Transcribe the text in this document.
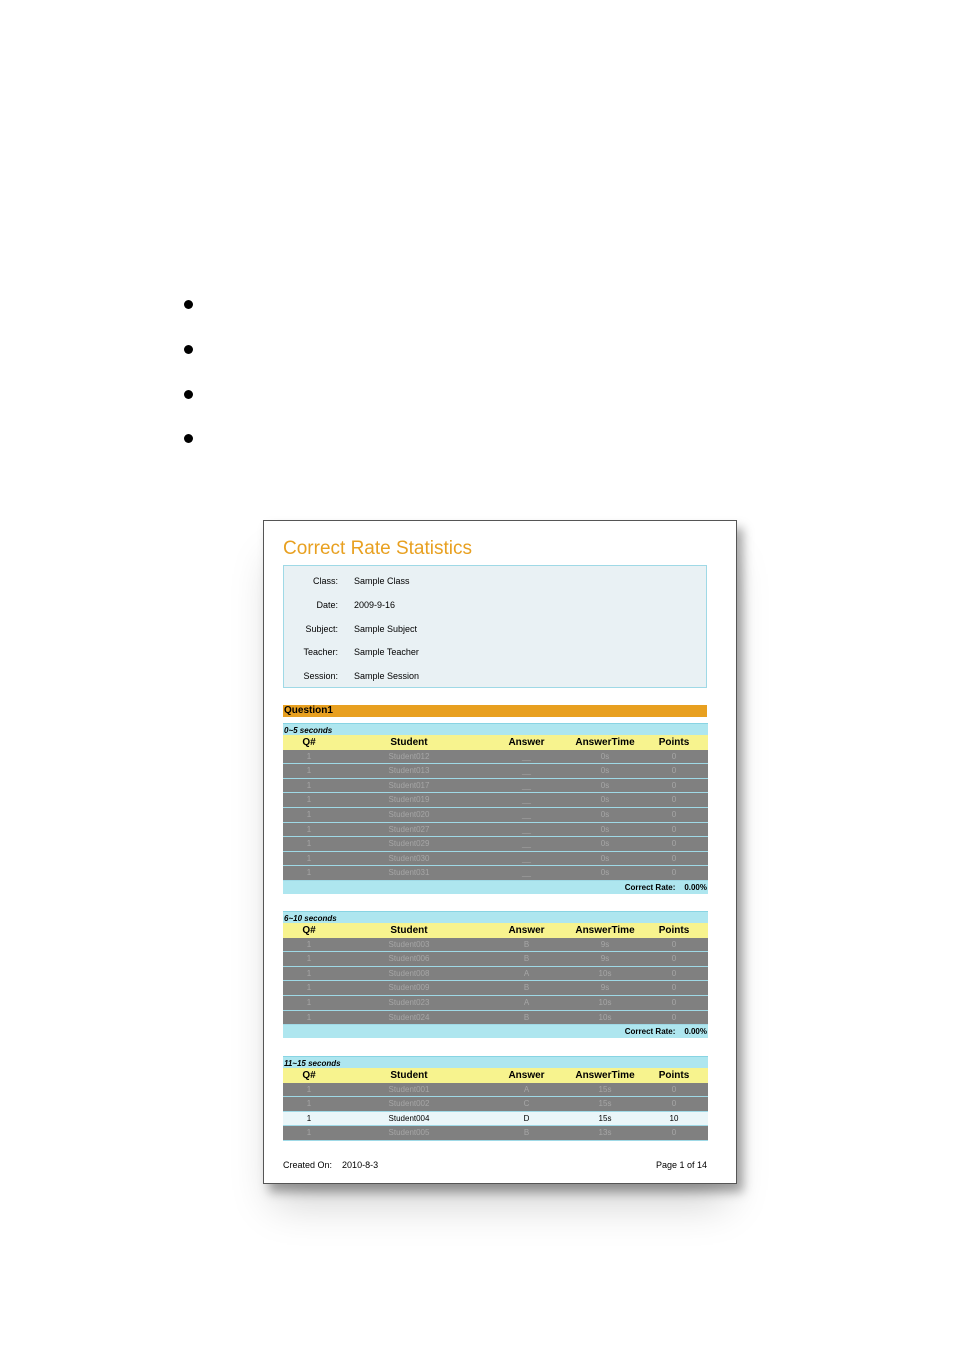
Correct Rate Statistics
Class: Sample Class
Date: 2009-9-16
Subject: Sample Subject
Teacher: Sample Teacher
Session: Sample Session
Question1
0~5 seconds
Q#	Student	Answer	AnswerTime	Points
1	Student012	__	0s	0
1	Student013	__	0s	0
1	Student017	__	0s	0
1	Student019	__	0s	0
1	Student020	__	0s	0
1	Student027	__	0s	0
1	Student029	__	0s	0
1	Student030	__	0s	0
1	Student031	__	0s	0
Correct Rate: 0.00%
6~10 seconds
Q#	Student	Answer	AnswerTime	Points
1	Student003	B	9s	0
1	Student006	B	9s	0
1	Student008	A	10s	0
1	Student009	B	9s	0
1	Student023	A	10s	0
1	Student024	B	10s	0
Correct Rate: 0.00%
11~15 seconds
Q#	Student	Answer	AnswerTime	Points
1	Student001	A	15s	0
1	Student002	C	15s	0
1	Student004	D	15s	10
1	Student005	B	13s	0
Created On: 2010-8-3	Page 1 of 14
